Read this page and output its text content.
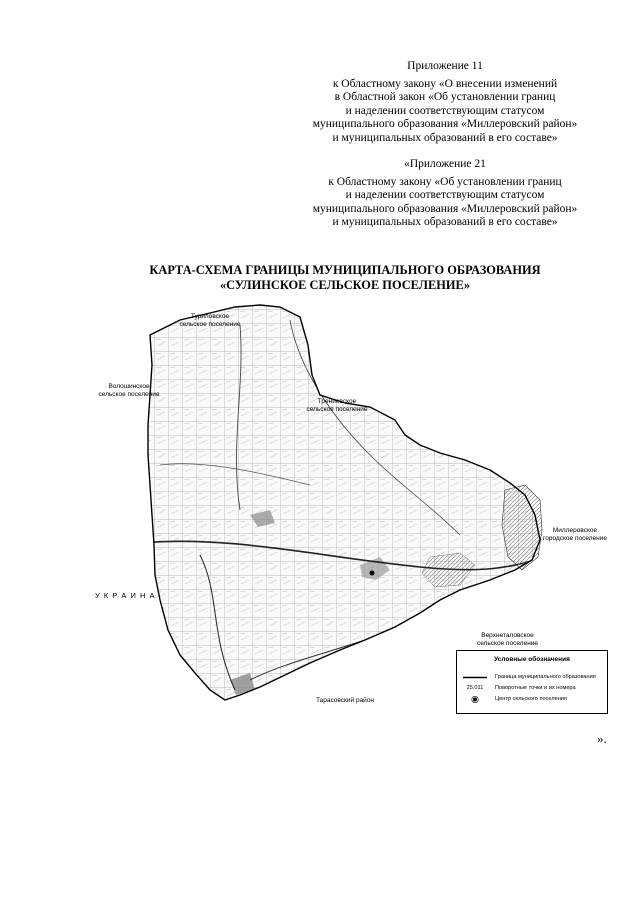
Приложение 11
к Областному закону «О внесении изменений
в Областной закон «Об установлении границ
и наделении соответствующим статусом
муниципального образования «Миллеровский район»
и муниципальных образований в его составе»
«Приложение 21
к Областному закону «Об установлении границ
и наделении соответствующим статусом
муниципального образования «Миллеровский район»
и муниципальных образований в его составе»
КАРТА-СХЕМА ГРАНИЦЫ МУНИЦИПАЛЬНОГО ОБРАЗОВАНИЯ
«СУЛИНСКОЕ СЕЛЬСКОЕ ПОСЕЛЕНИЕ»
Туриловское
сельское поселение
Волошинское
сельское поселение
Трениевское
сельское поселение
Миллеровское
городское поселение
У К Р А И Н А
Верхнеталовское
сельское поселение
Тарасовский район
Условные обозначения
Граница муниципального образования
25.011	Поворотные точки и их номера
Центр сельского поселения
».
